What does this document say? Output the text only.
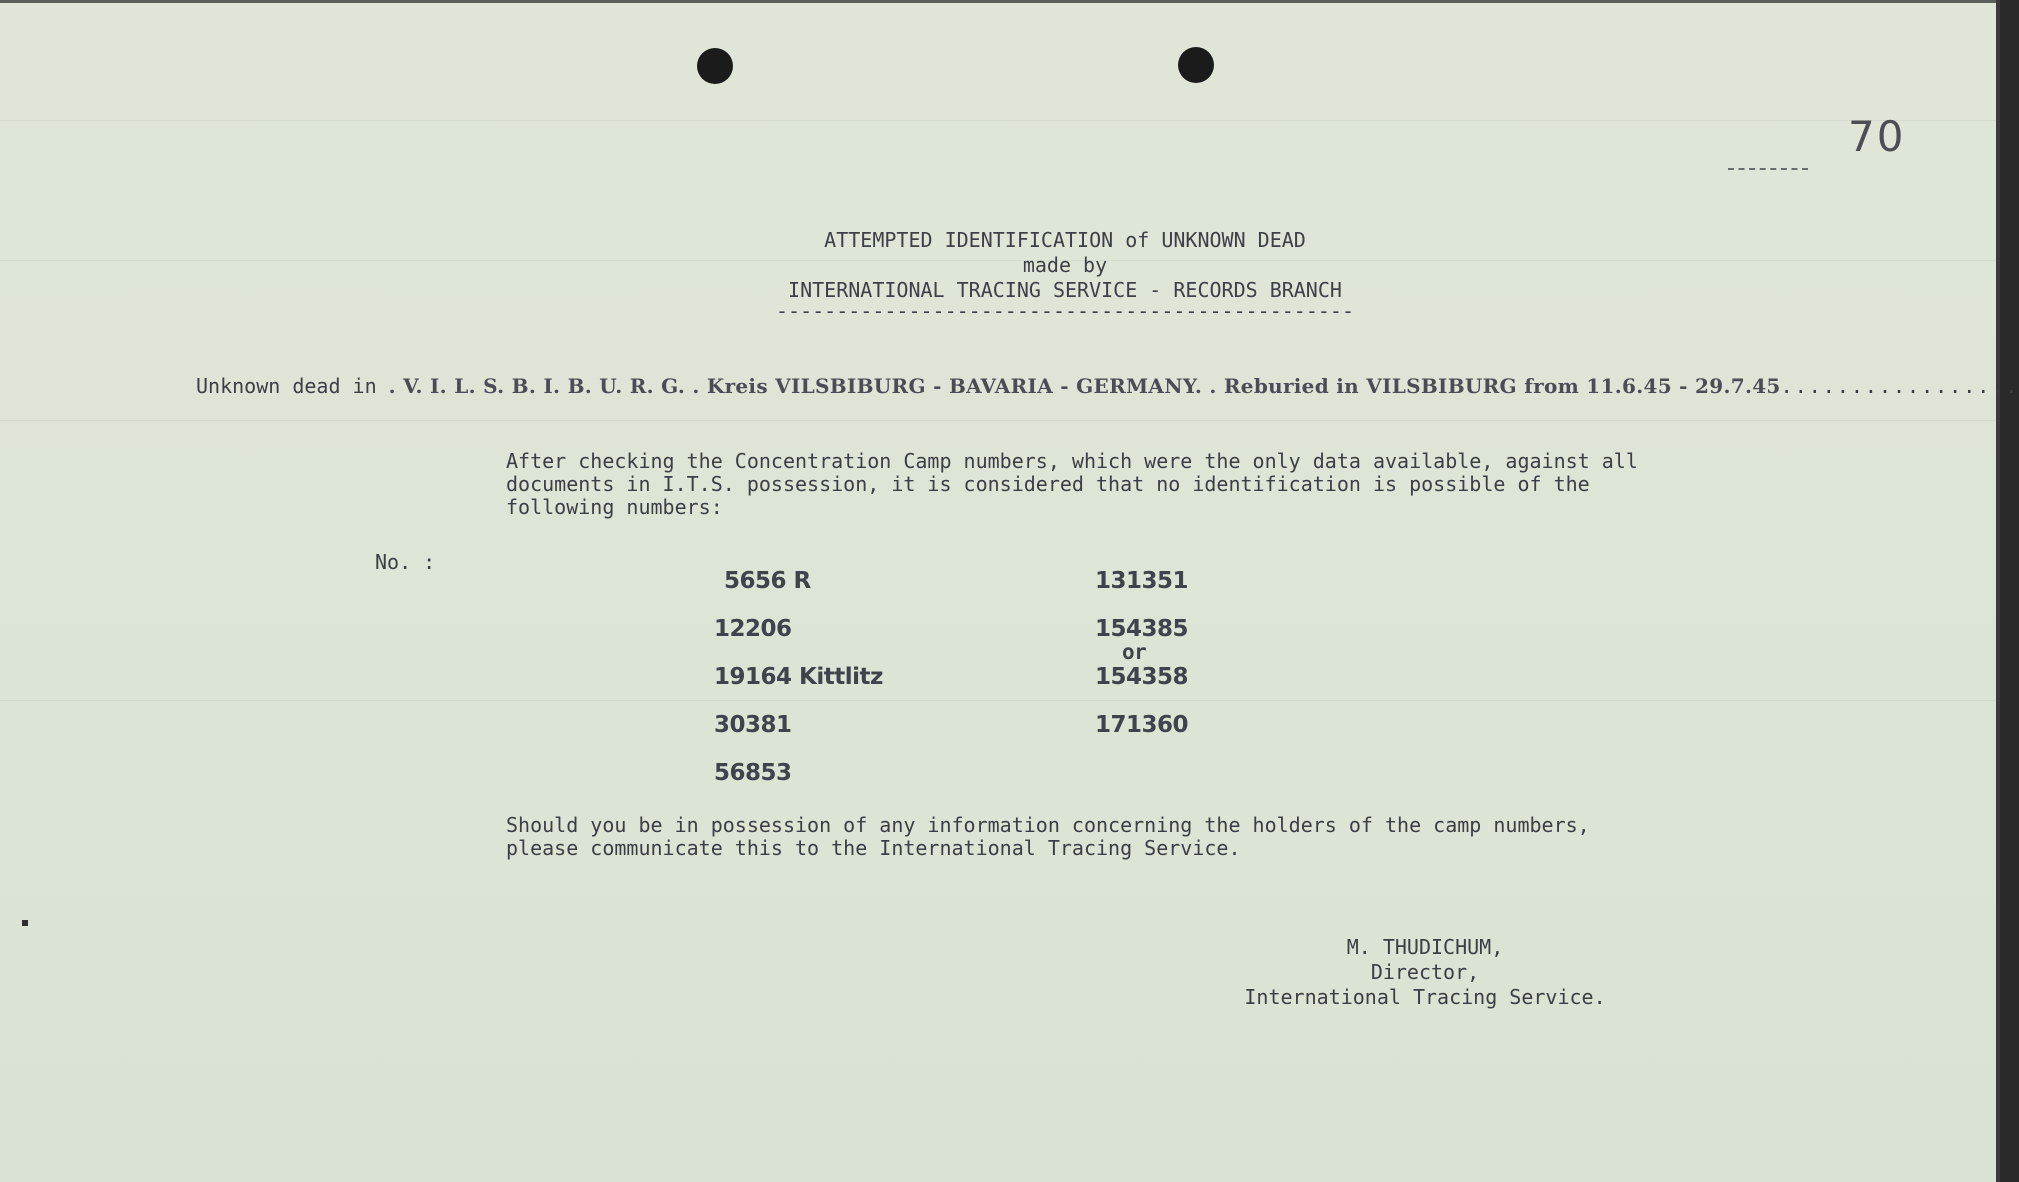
70
ATTEMPTED IDENTIFICATION of UNKNOWN DEAD
made by
INTERNATIONAL TRACING SERVICE - RECORDS BRANCH
------------------------------------------------
Unknown dead in . V. I. L. S. B. I. B. U. R. G. . Kreis VILSBIBURG - BAVARIA - GERMANY. . Reburied in VILSBIBURG from 11.6.45 - 29.7.45.................
After checking the Concentration Camp numbers, which were the only data available, against all
documents in I.T.S. possession, it is considered that no identification is possible of the
following numbers:
No. :
5656 R
12206
19164 Kittlitz
30381
56853
131351
154385
or
154358
171360
Should you be in possession of any information concerning the holders of the camp numbers,
please communicate this to the International Tracing Service.
M. THUDICHUM,
Director,
International Tracing Service.
